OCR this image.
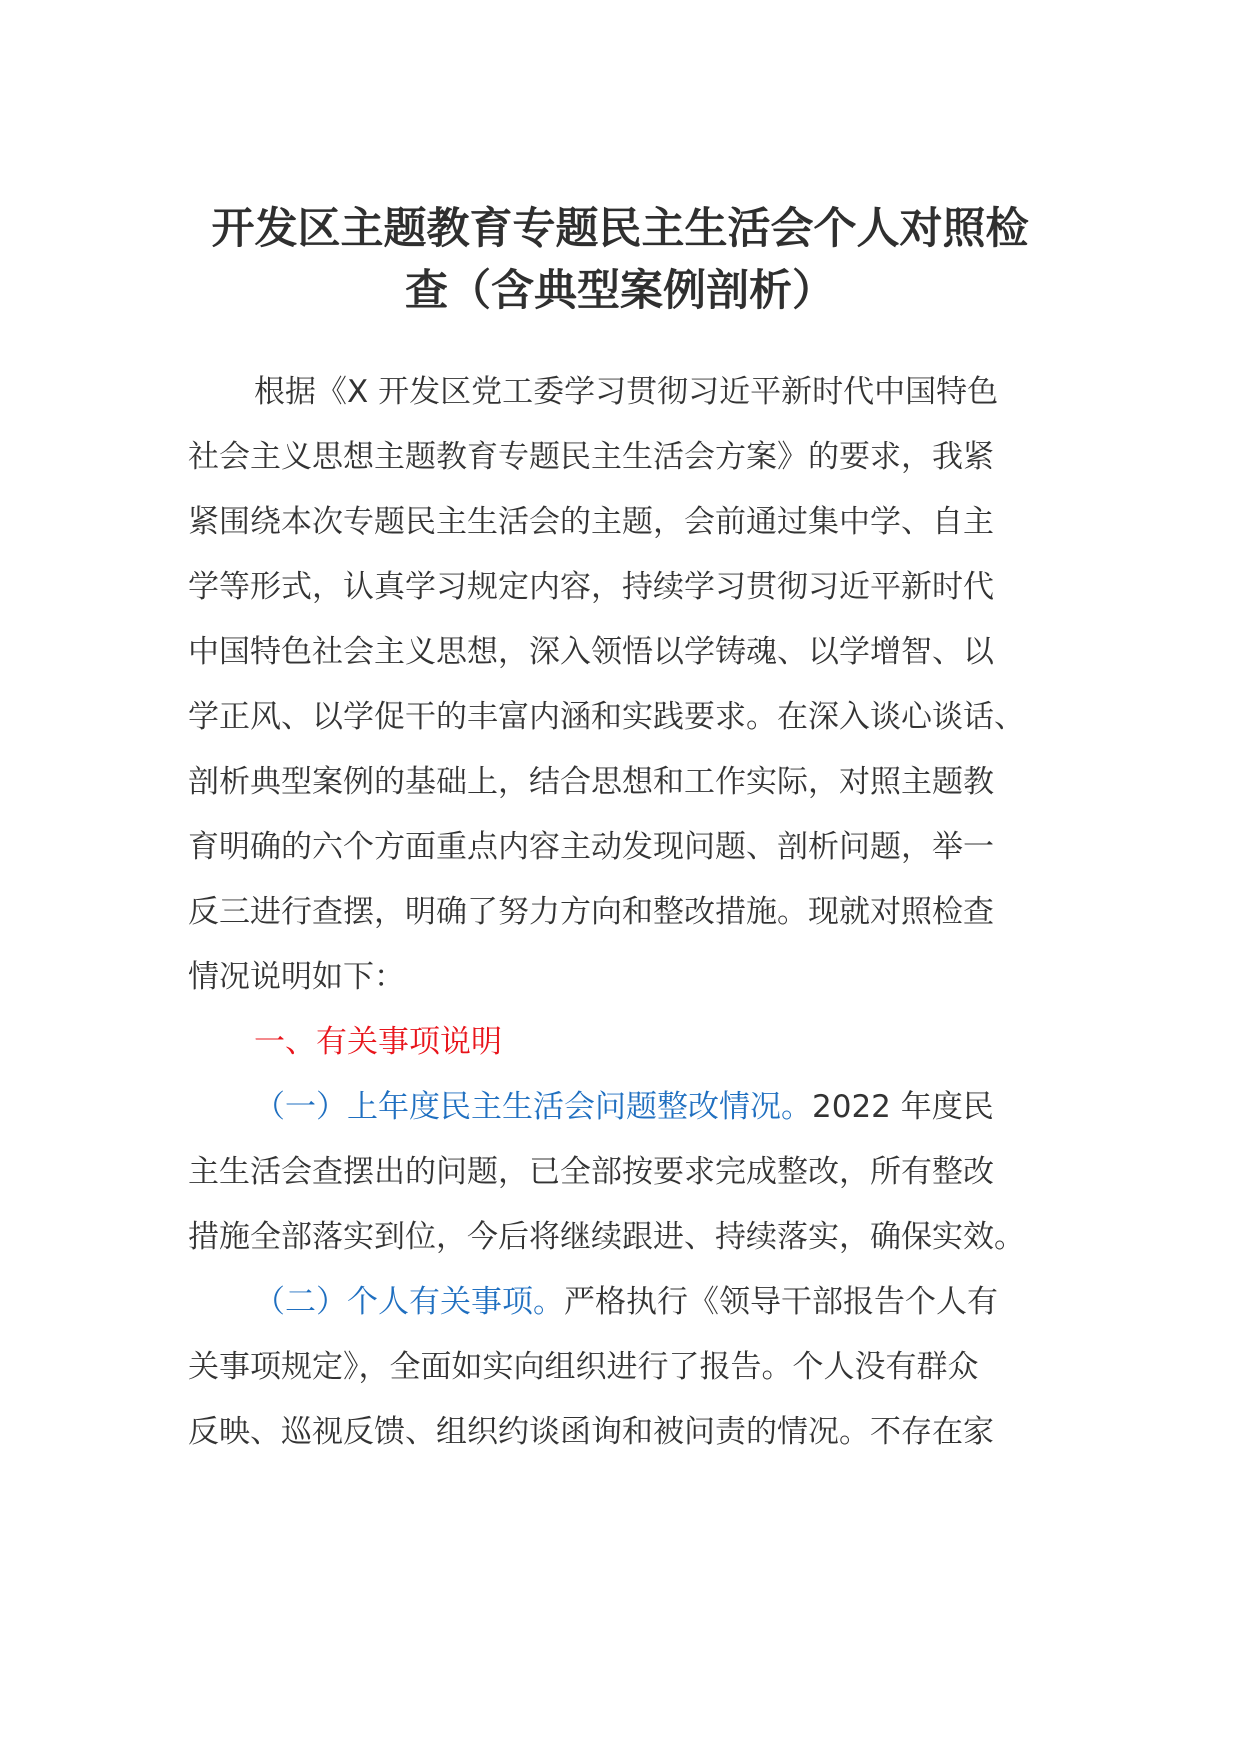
开发区主题教育专题民主生活会个人对照检
查（含典型案例剖析）
根据《X 开发区党工委学习贯彻习近平新时代中国特色
社会主义思想主题教育专题民主生活会方案》的要求，我紧
紧围绕本次专题民主生活会的主题，会前通过集中学、自主
学等形式，认真学习规定内容，持续学习贯彻习近平新时代
中国特色社会主义思想，深入领悟以学铸魂、以学增智、以
学正风、以学促干的丰富内涵和实践要求。在深入谈心谈话、
剖析典型案例的基础上，结合思想和工作实际，对照主题教
育明确的六个方面重点内容主动发现问题、剖析问题，举一
反三进行查摆，明确了努力方向和整改措施。现就对照检查
情况说明如下：
一、有关事项说明
（一）上年度民主生活会问题整改情况。2022 年度民
主生活会查摆出的问题，已全部按要求完成整改，所有整改
措施全部落实到位，今后将继续跟进、持续落实，确保实效。
（二）个人有关事项。严格执行《领导干部报告个人有
关事项规定》，全面如实向组织进行了报告。个人没有群众
反映、巡视反馈、组织约谈函询和被问责的情况。不存在家
